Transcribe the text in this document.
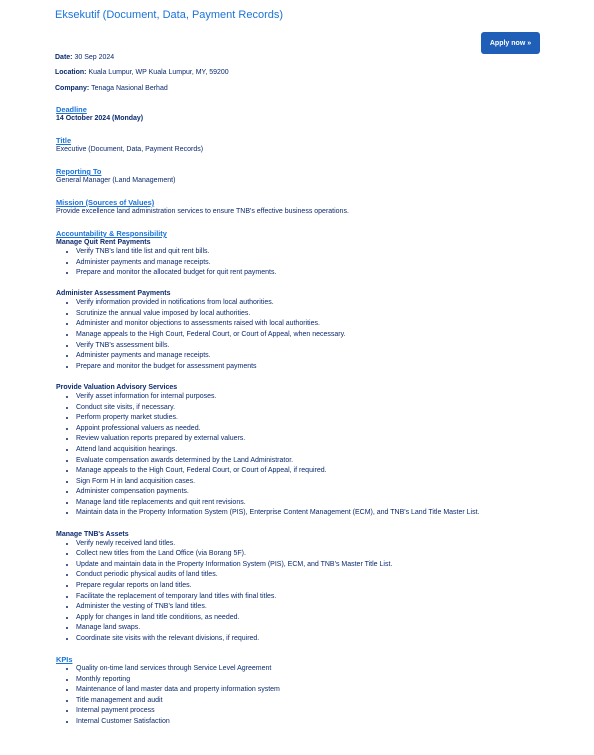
Eksekutif (Document, Data, Payment Records)
Apply now »
Date: 30 Sep 2024
Location: Kuala Lumpur, WP Kuala Lumpur, MY, 59200
Company: Tenaga Nasional Berhad
Deadline
14 October 2024 (Monday)
Title
Executive (Document, Data, Payment Records)
Reporting To
General Manager (Land Management)
Mission (Sources of Values)
Provide excellence land administration services to ensure TNB's effective business operations.
Accountability & Responsibility
Manage Quit Rent Payments
• Verify TNB's land title list and quit rent bills.
• Administer payments and manage receipts.
• Prepare and monitor the allocated budget for quit rent payments.
Administer Assessment Payments
• Verify information provided in notifications from local authorities.
• Scrutinize the annual value imposed by local authorities.
• Administer and monitor objections to assessments raised with local authorities.
• Manage appeals to the High Court, Federal Court, or Court of Appeal, when necessary.
• Verify TNB's assessment bills.
• Administer payments and manage receipts.
• Prepare and monitor the budget for assessment payments
Provide Valuation Advisory Services
• Verify asset information for internal purposes.
• Conduct site visits, if necessary.
• Perform property market studies.
• Appoint professional valuers as needed.
• Review valuation reports prepared by external valuers.
• Attend land acquisition hearings.
• Evaluate compensation awards determined by the Land Administrator.
• Manage appeals to the High Court, Federal Court, or Court of Appeal, if required.
• Sign Form H in land acquisition cases.
• Administer compensation payments.
• Manage land title replacements and quit rent revisions.
• Maintain data in the Property Information System (PIS), Enterprise Content Management (ECM), and TNB's Land Title Master List.
Manage TNB's Assets
• Verify newly received land titles.
• Collect new titles from the Land Office (via Borang 5F).
• Update and maintain data in the Property Information System (PIS), ECM, and TNB's Master Title List.
• Conduct periodic physical audits of land titles.
• Prepare regular reports on land titles.
• Facilitate the replacement of temporary land titles with final titles.
• Administer the vesting of TNB's land titles.
• Apply for changes in land title conditions, as needed.
• Manage land swaps.
• Coordinate site visits with the relevant divisions, if required.
KPIs
• Quality on-time land services through Service Level Agreement
• Monthly reporting
• Maintenance of land master data and property information system
• Title management and audit
• Internal payment process
• Internal Customer Satisfaction
